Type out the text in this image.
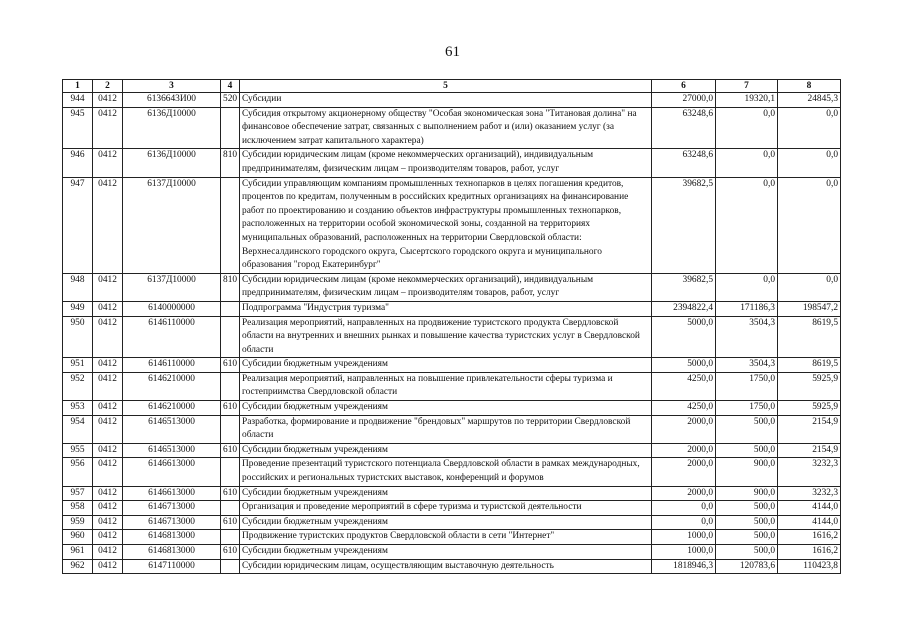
61
1	2	3	4	5	6	7	8
944	0412	6136643И00	520	Субсидии	27000,0	19320,1	24845,3
945	0412	6136Д10000		Субсидия открытому акционерному обществу "Особая экономическая зона "Титановая долина" на финансовое обеспечение затрат, связанных с выполнением работ и (или) оказанием услуг (за исключением затрат капитального характера)	63248,6	0,0	0,0
946	0412	6136Д10000	810	Субсидии юридическим лицам (кроме некоммерческих организаций), индивидуальным предпринимателям, физическим лицам – производителям товаров, работ, услуг	63248,6	0,0	0,0
947	0412	6137Д10000		Субсидии управляющим компаниям промышленных технопарков в целях погашения кредитов, процентов по кредитам, полученным в российских кредитных организациях на финансирование работ по проектированию и созданию объектов инфраструктуры промышленных технопарков, расположенных на территории особой экономической зоны, созданной на территориях муниципальных образований, расположенных на территории Свердловской области: Верхнесалдинского городского округа, Сысертского городского округа и муниципального образования "город Екатеринбург"	39682,5	0,0	0,0
948	0412	6137Д10000	810	Субсидии юридическим лицам (кроме некоммерческих организаций), индивидуальным предпринимателям, физическим лицам – производителям товаров, работ, услуг	39682,5	0,0	0,0
949	0412	6140000000		Подпрограмма "Индустрия туризма"	2394822,4	171186,3	198547,2
950	0412	6146110000		Реализация мероприятий, направленных на продвижение туристского продукта Свердловской области на внутренних и внешних рынках и повышение качества туристских услуг в Свердловской области	5000,0	3504,3	8619,5
951	0412	6146110000	610	Субсидии бюджетным учреждениям	5000,0	3504,3	8619,5
952	0412	6146210000		Реализация мероприятий, направленных на повышение привлекательности сферы туризма и гостеприимства Свердловской области	4250,0	1750,0	5925,9
953	0412	6146210000	610	Субсидии бюджетным учреждениям	4250,0	1750,0	5925,9
954	0412	6146513000		Разработка, формирование и продвижение "брендовых" маршрутов по территории Свердловской области	2000,0	500,0	2154,9
955	0412	6146513000	610	Субсидии бюджетным учреждениям	2000,0	500,0	2154,9
956	0412	6146613000		Проведение презентаций туристского потенциала Свердловской области в рамках международных, российских и региональных туристских выставок, конференций и форумов	2000,0	900,0	3232,3
957	0412	6146613000	610	Субсидии бюджетным учреждениям	2000,0	900,0	3232,3
958	0412	6146713000		Организация и проведение мероприятий в сфере туризма и туристской деятельности	0,0	500,0	4144,0
959	0412	6146713000	610	Субсидии бюджетным учреждениям	0,0	500,0	4144,0
960	0412	6146813000		Продвижение туристских продуктов Свердловской области в сети "Интернет"	1000,0	500,0	1616,2
961	0412	6146813000	610	Субсидии бюджетным учреждениям	1000,0	500,0	1616,2
962	0412	6147110000		Субсидии юридическим лицам, осуществляющим выставочную деятельность	1818946,3	120783,6	110423,8
